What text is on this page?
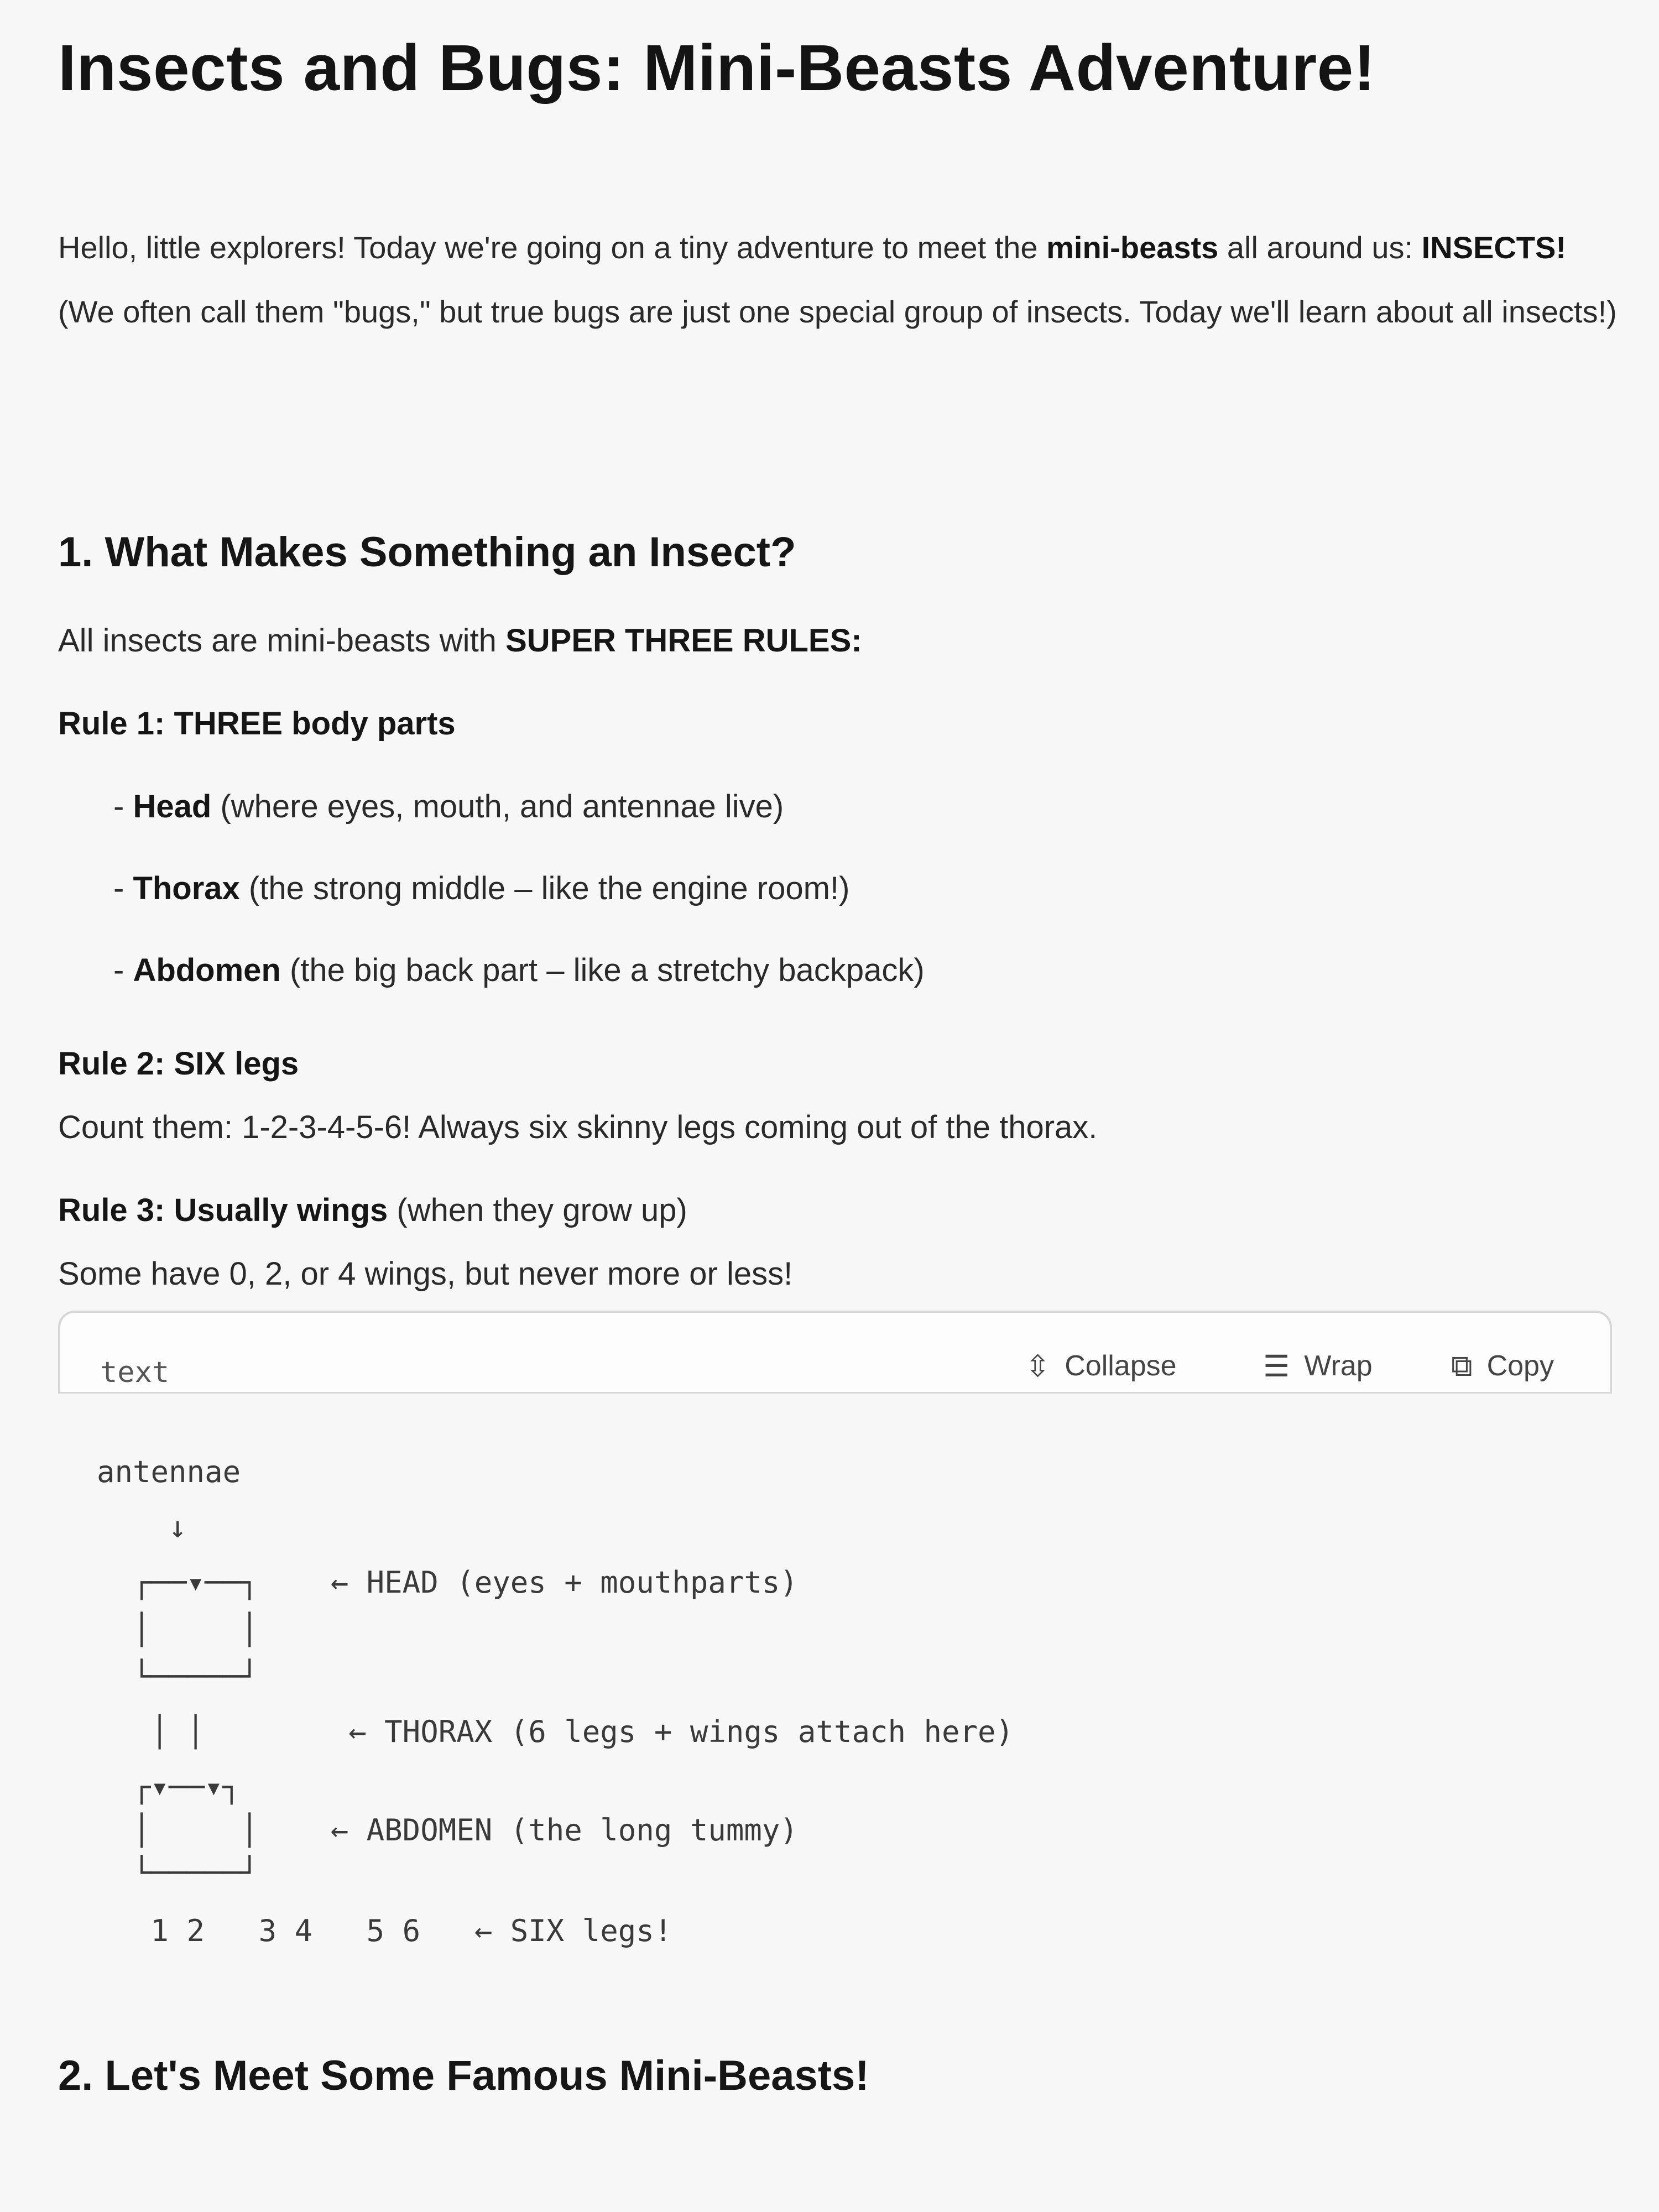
Insects and Bugs: Mini-Beasts Adventure!
Hello, little explorers! Today we're going on a tiny adventure to meet the mini-beasts all around us: INSECTS!
(We often call them "bugs," but true bugs are just one special group of insects. Today we'll learn about all insects!)
1. What Makes Something an Insect?

All insects are mini-beasts with SUPER THREE RULES:

Rule 1: THREE body parts

- Head (where eyes, mouth, and antennae live)

- Thorax (the strong middle – like the engine room!)

- Abdomen (the big back part – like a stretchy backpack)

Rule 2: SIX legs

Count them: 1-2-3-4-5-6! Always six skinny legs coming out of the thorax.

Rule 3: Usually wings (when they grow up)

Some have 0, 2, or 4 wings, but never more or less!

text	⇳ Collapse	☰ Wrap	⧉ Copy

antennae

↓

┌──▾──┐    ← HEAD (eyes + mouthparts)

│     │

└─────┘

│ │        ← THORAX (6 legs + wings attach here)

┌▾──▾┐

│     │    ← ABDOMEN (the long tummy)

└─────┘

1 2   3 4   5 6   ← SIX legs!

2. Let's Meet Some Famous Mini-Beasts!
